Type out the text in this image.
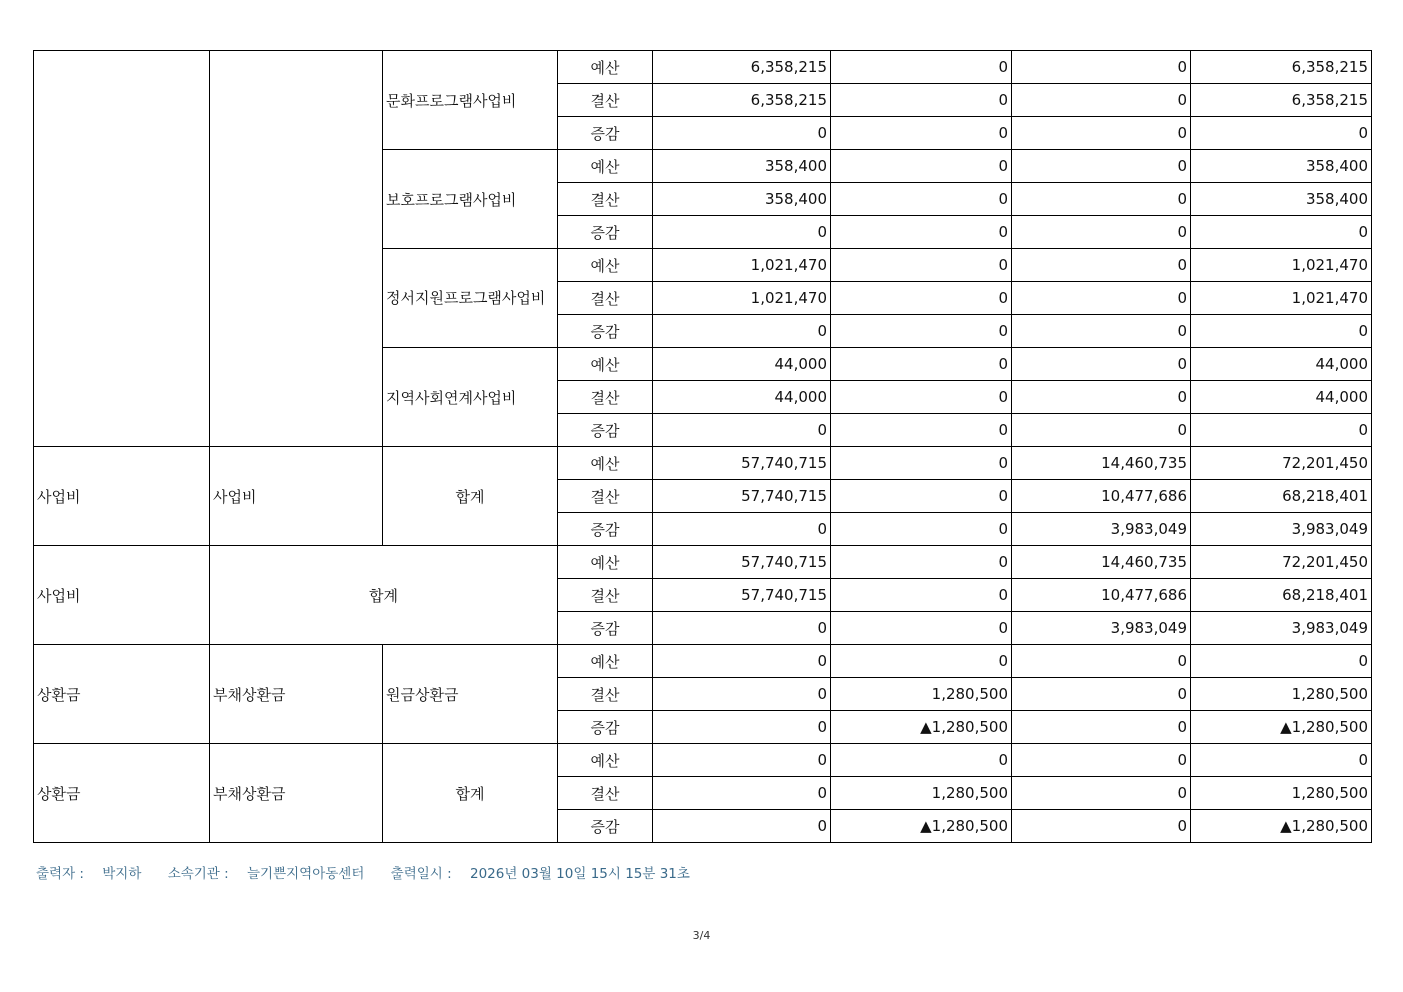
		문화프로그램사업비	예산	6,358,215	0	0	6,358,215
			결산	6,358,215	0	0	6,358,215
			증감	0	0	0	0
		보호프로그램사업비	예산	358,400	0	0	358,400
			결산	358,400	0	0	358,400
			증감	0	0	0	0
		정서지원프로그램사업비	예산	1,021,470	0	0	1,021,470
			결산	1,021,470	0	0	1,021,470
			증감	0	0	0	0
		지역사회연계사업비	예산	44,000	0	0	44,000
			결산	44,000	0	0	44,000
			증감	0	0	0	0
사업비	사업비	합계	예산	57,740,715	0	14,460,735	72,201,450
			결산	57,740,715	0	10,477,686	68,218,401
			증감	0	0	3,983,049	3,983,049
사업비	합계		예산	57,740,715	0	14,460,735	72,201,450
			결산	57,740,715	0	10,477,686	68,218,401
			증감	0	0	3,983,049	3,983,049
상환금	부채상환금	원금상환금	예산	0	0	0	0
			결산	0	1,280,500	0	1,280,500
			증감	0	▲1,280,500	0	▲1,280,500
상환금	부채상환금	합계	예산	0	0	0	0
			결산	0	1,280,500	0	1,280,500
			증감	0	▲1,280,500	0	▲1,280,500
출력자 : 박지하 소속기관 : 늘기쁜지역아동센터 출력일시 : 2026년 03월 10일 15시 15분 31초
3/4
